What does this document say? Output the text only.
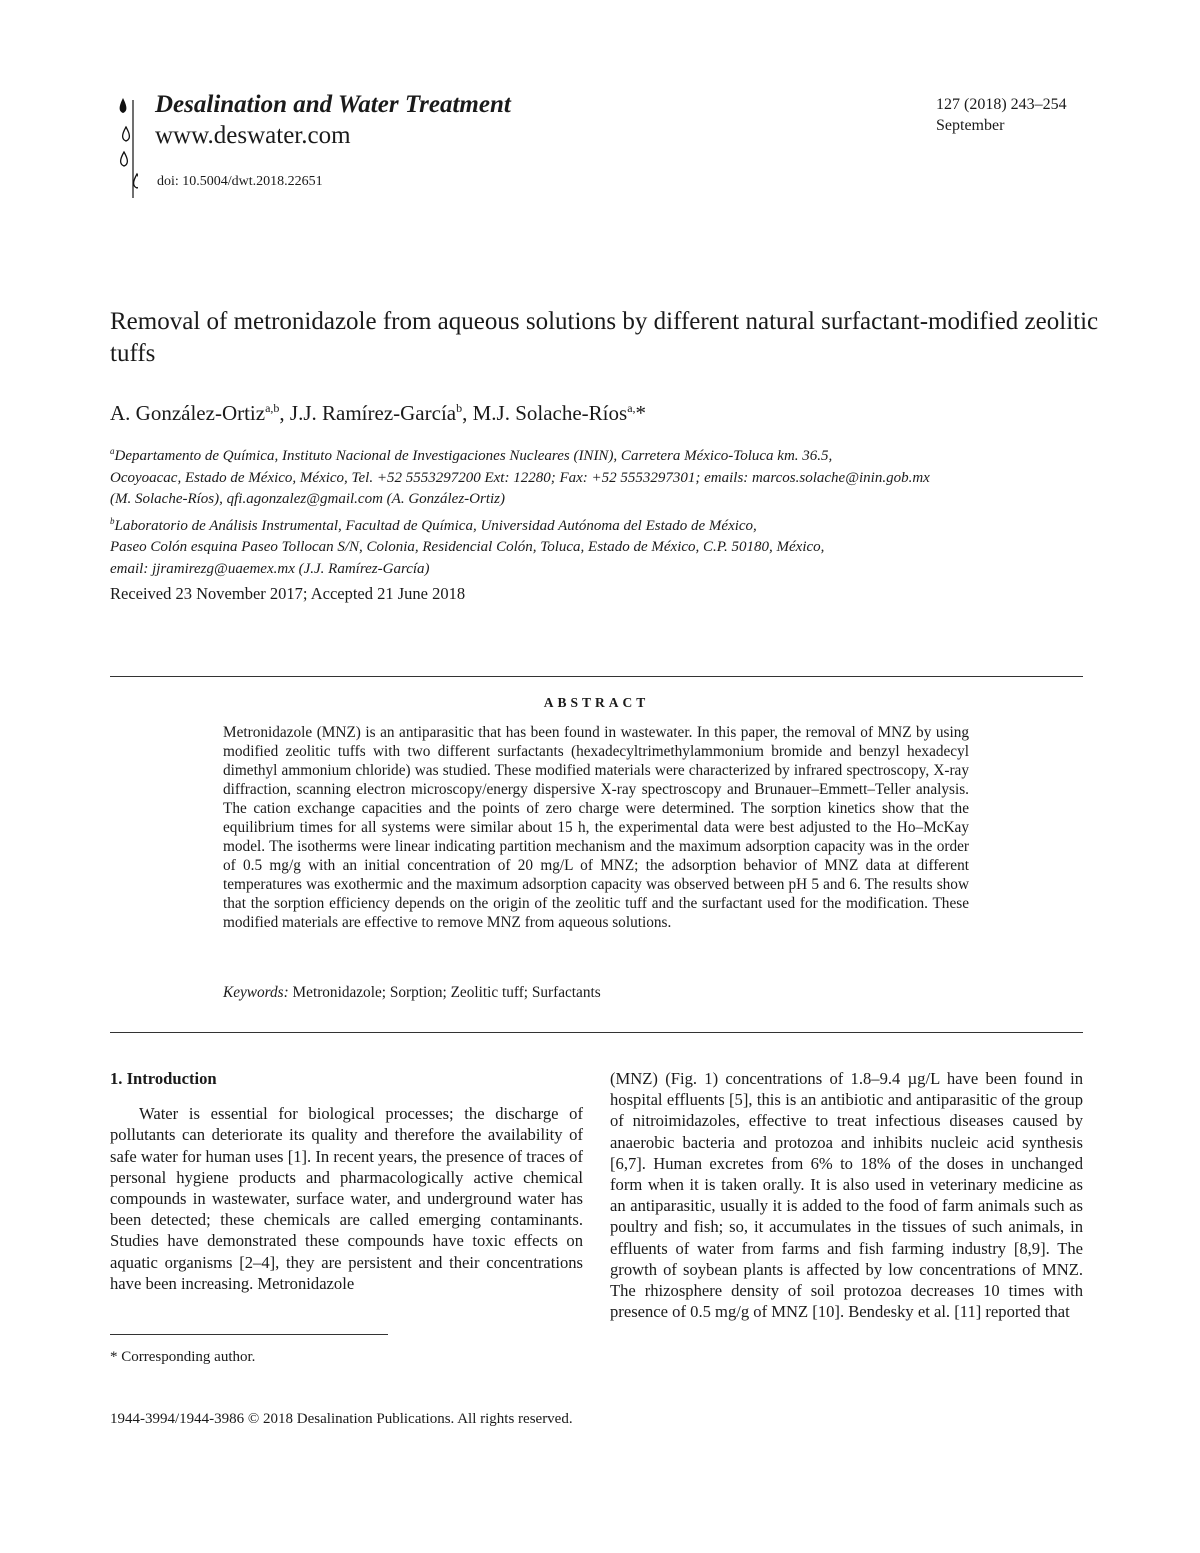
Desalination and Water Treatment
www.deswater.com
doi: 10.5004/dwt.2018.22651
127 (2018) 243–254
September
Removal of metronidazole from aqueous solutions by different natural surfactant-modified zeolitic tuffs
A. González-Ortiz$^{a,b}$, J.J. Ramírez-García$^b$, M.J. Solache-Ríos$^{a,}$*
$^a$Departamento de Química, Instituto Nacional de Investigaciones Nucleares (ININ), Carretera México-Toluca km. 36.5,
Ocoyoacac, Estado de México, México, Tel. +52 5553297200 Ext: 12280; Fax: +52 5553297301; emails: marcos.solache@inin.gob.mx
(M. Solache-Ríos), qfi.agonzalez@gmail.com (A. González-Ortiz)
$^b$Laboratorio de Análisis Instrumental, Facultad de Química, Universidad Autónoma del Estado de México,
Paseo Colón esquina Paseo Tollocan S/N, Colonia, Residencial Colón, Toluca, Estado de México, C.P. 50180, México,
email: jjramirezg@uaemex.mx (J.J. Ramírez-García)
Received 23 November 2017; Accepted 21 June 2018
ABSTRACT
Metronidazole (MNZ) is an antiparasitic that has been found in wastewater. In this paper, the removal of MNZ by using modified zeolitic tuffs with two different surfactants (hexadecyltrimethylammonium bromide and benzyl hexadecyl dimethyl ammonium chloride) was studied. These modified materials were characterized by infrared spectroscopy, X-ray diffraction, scanning electron microscopy/energy dispersive X-ray spectroscopy and Brunauer–Emmett–Teller analysis. The cation exchange capacities and the points of zero charge were determined. The sorption kinetics show that the equilibrium times for all systems were similar about 15 h, the experimental data were best adjusted to the Ho–McKay model. The isotherms were linear indicating partition mechanism and the maximum adsorption capacity was in the order of 0.5 mg/g with an initial concentration of 20 mg/L of MNZ; the adsorption behavior of MNZ data at different temperatures was exothermic and the maximum adsorption capacity was observed between pH 5 and 6. The results show that the sorption efficiency depends on the origin of the zeolitic tuff and the surfactant used for the modification. These modified materials are effective to remove MNZ from aqueous solutions.
Keywords: Metronidazole; Sorption; Zeolitic tuff; Surfactants

1. Introduction

Water is essential for biological processes; the discharge of pollutants can deteriorate its quality and therefore the availability of safe water for human uses [1]. In recent years, the presence of traces of personal hygiene products and pharmacologically active chemical compounds in wastewater, surface water, and underground water has been detected; these chemicals are called emerging contaminants. Studies have demonstrated these compounds have toxic effects on aquatic organisms [2–4], they are persistent and their concentrations have been increasing. Metronidazole

(MNZ) (Fig. 1) concentrations of 1.8–9.4 µg/L have been found in hospital effluents [5], this is an antibiotic and antiparasitic of the group of nitroimidazoles, effective to treat infectious diseases caused by anaerobic bacteria and protozoa and inhibits nucleic acid synthesis [6,7]. Human excretes from 6% to 18% of the doses in unchanged form when it is taken orally. It is also used in veterinary medicine as an antiparasitic, usually it is added to the food of farm animals such as poultry and fish; so, it accumulates in the tissues of such animals, in effluents of water from farms and fish farming industry [8,9]. The growth of soybean plants is affected by low concentrations of MNZ. The rhizosphere density of soil protozoa decreases 10 times with presence of 0.5 mg/g of MNZ [10]. Bendesky et al. [11] reported that

* Corresponding author.
1944-3994/1944-3986 © 2018 Desalination Publications. All rights reserved.
